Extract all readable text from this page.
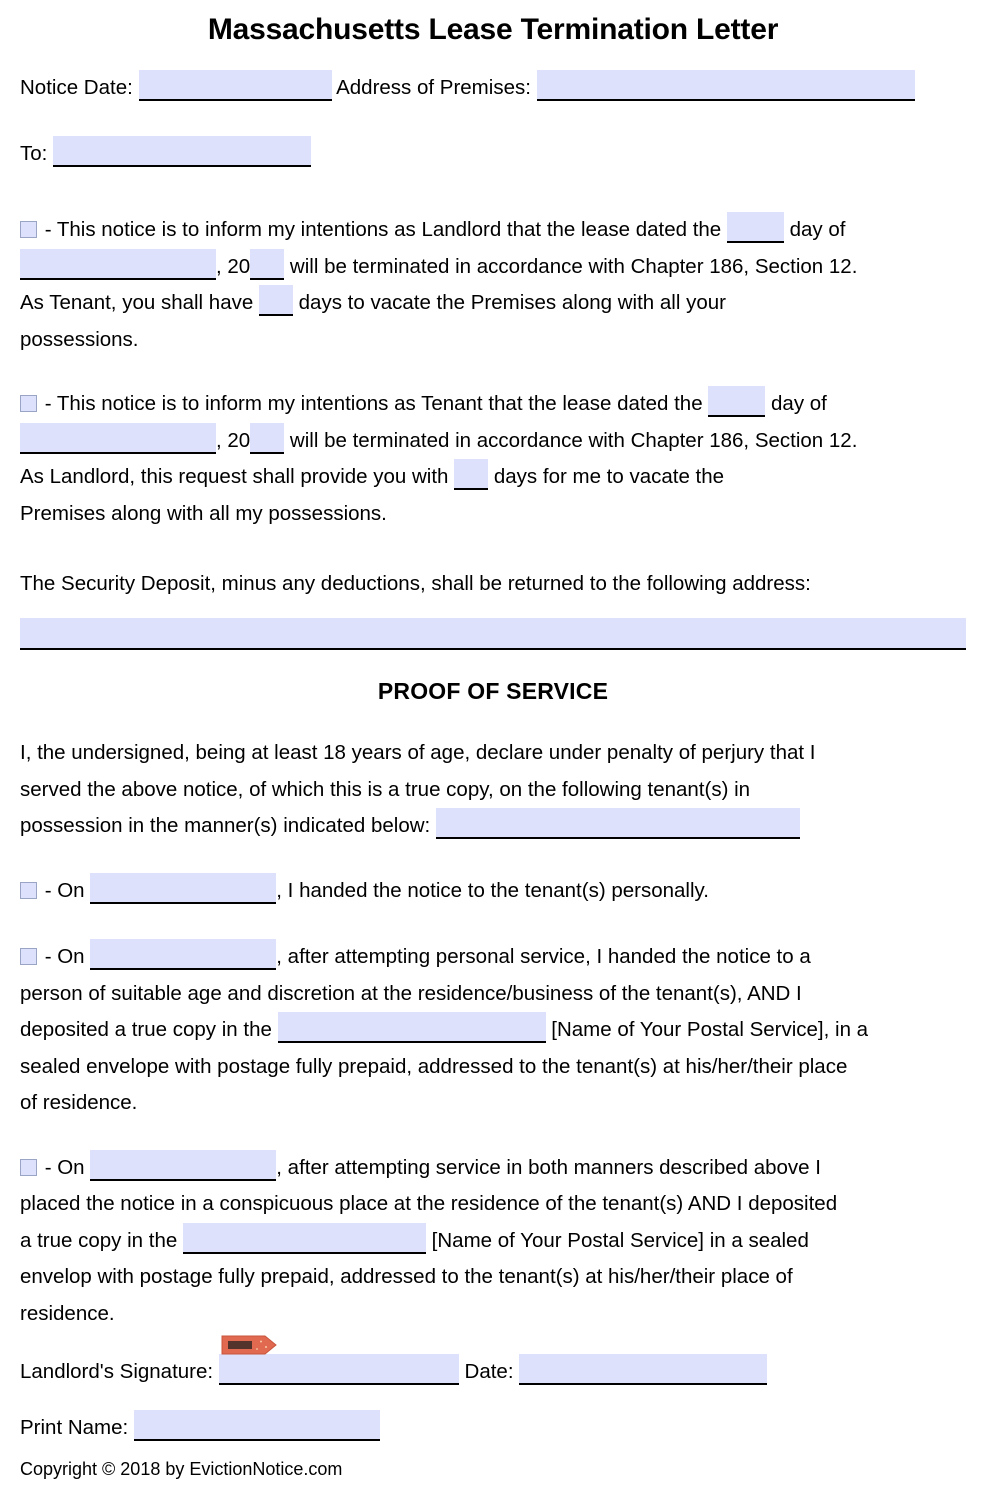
Massachusetts Lease Termination Letter
Notice Date:	Address of Premises:
To:
- This notice is to inform my intentions as Landlord that the lease dated the	day of
, 20 will be terminated in accordance with Chapter 186, Section 12.
As Tenant, you shall have days to vacate the Premises along with all your
possessions.
- This notice is to inform my intentions as Tenant that the lease dated the	day of
, 20 will be terminated in accordance with Chapter 186, Section 12.
As Landlord, this request shall provide you with days for me to vacate the
Premises along with all my possessions.
The Security Deposit, minus any deductions, shall be returned to the following address:
PROOF OF SERVICE
I, the undersigned, being at least 18 years of age, declare under penalty of perjury that I
served the above notice, of which this is a true copy, on the following tenant(s) in
possession in the manner(s) indicated below:
- On	, I handed the notice to the tenant(s) personally.
- On	, after attempting personal service, I handed the notice to a
person of suitable age and discretion at the residence/business of the tenant(s), AND I
deposited a true copy in the	[Name of Your Postal Service], in a
sealed envelope with postage fully prepaid, addressed to the tenant(s) at his/her/their place
of residence.
- On	, after attempting service in both manners described above I
placed the notice in a conspicuous place at the residence of the tenant(s) AND I deposited
a true copy in the	[Name of Your Postal Service] in a sealed
envelop with postage fully prepaid, addressed to the tenant(s) at his/her/their place of
residence.
Landlord's Signature:	Date:
Print Name:
Copyright © 2018 by EvictionNotice.com
